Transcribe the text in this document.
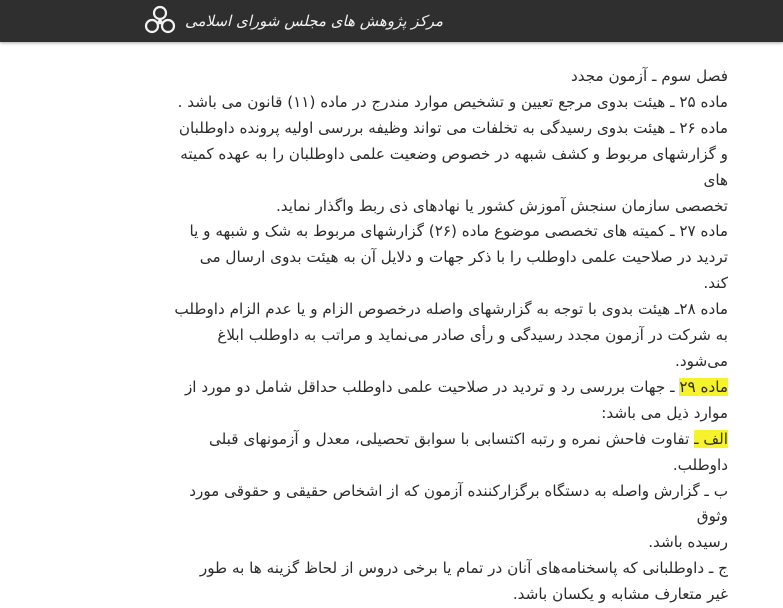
مرکز پژوهش های مجلس شورای اسلامی

فصل سوم ـ آزمون مجدد

ماده ۲۵ ـ هیئت بدوی مرجع تعیین و تشخیص موارد مندرج در ماده (۱۱) قانون می باشد .

ماده ۲۶ ـ هیئت بدوی رسیدگی به تخلفات می تواند وظیفه بررسی اولیه پرونده داوطلبان

و گزارشهای مربوط و کشف شبهه در خصوص وضعیت علمی داوطلبان را به عهده کمیته های

تخصصی سازمان سنجش آموزش کشور یا نهادهای ذی ربط واگذار نماید.

ماده ۲۷ ـ کمیته های تخصصی موضوع ماده (۲۶) گزارشهای مربوط به شک و شبهه و یا

تردید در صلاحیت علمی داوطلب را با ذکر جهات و دلایل آن به هیئت بدوی ارسال می

کند.

ماده ۲۸ـ هیئت بدوی با توجه به گزارشهای واصله درخصوص الزام و یا عدم الزام داوطلب

به شرکت در آزمون مجدد رسیدگی و رأی صادر می‌نماید و مراتب به داوطلب ابلاغ

می‌شود.

ماده ۲۹ ـ جهات بررسی رد و تردید در صلاحیت علمی داوطلب حداقل شامل دو مورد از

موارد ذیل می باشد:

الف ـ تفاوت فاحش نمره و رتبه اکتسابی با سوابق تحصیلی، معدل و آزمونهای قبلی

داوطلب.

ب ـ گزارش واصله به دستگاه برگزارکننده آزمون که از اشخاص حقیقی و حقوقی مورد وثوق

رسیده باشد.

ج ـ داوطلبانی که پاسخنامه‌های آنان در تمام یا برخی دروس از لحاظ گزینه ها به طور

غیر متعارف مشابه و یکسان باشد.
